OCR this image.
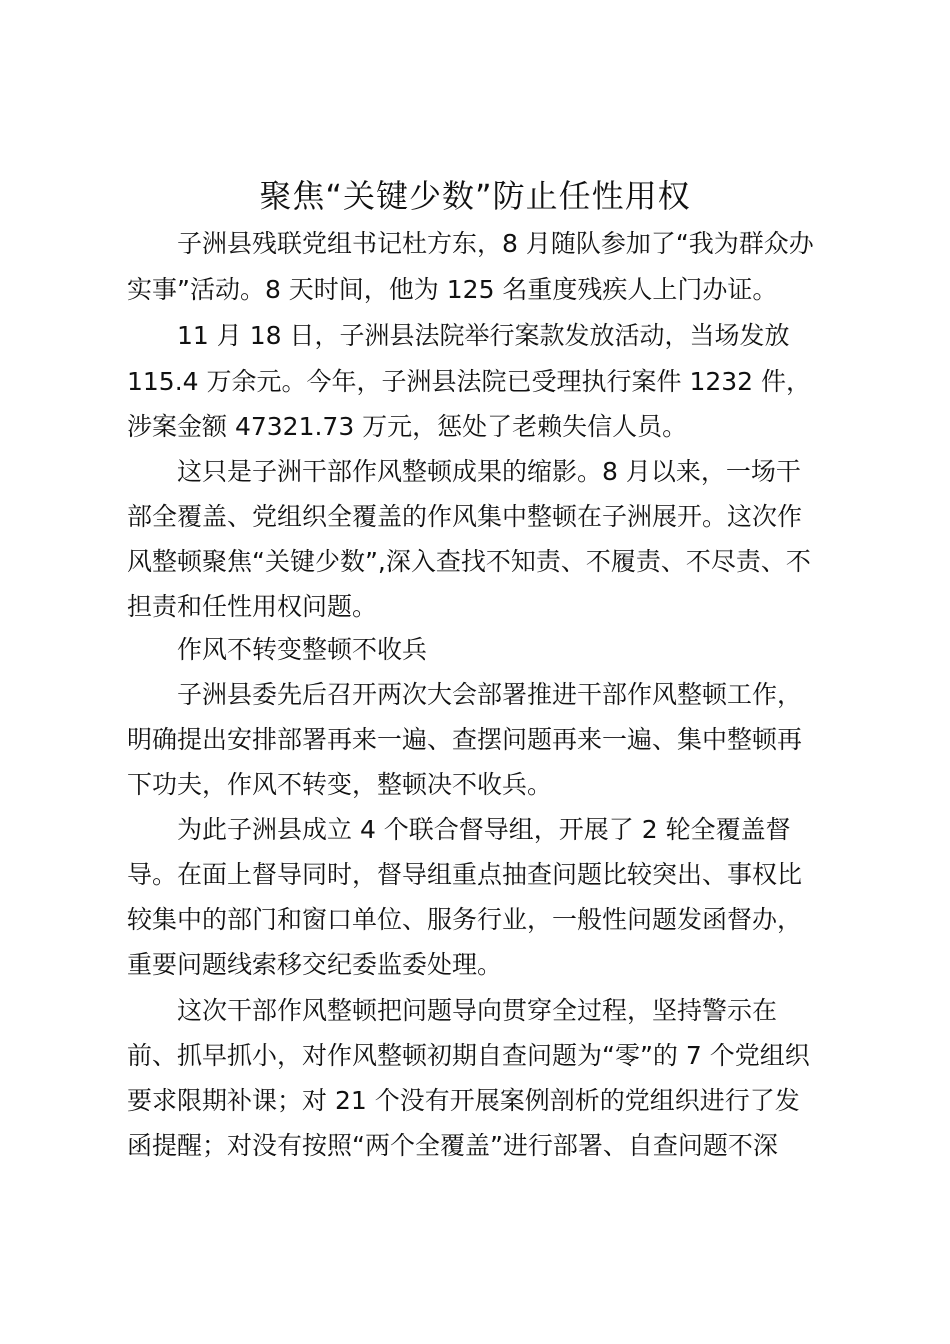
聚焦“关键少数”防止任性用权
子洲县残联党组书记杜方东，8 月随队参加了“我为群众办
实事”活动。8 天时间，他为 125 名重度残疾人上门办证。
11 月 18 日，子洲县法院举行案款发放活动，当场发放
115.4 万余元。今年，子洲县法院已受理执行案件 1232 件，
涉案金额 47321.73 万元，惩处了老赖失信人员。
这只是子洲干部作风整顿成果的缩影。8 月以来，一场干
部全覆盖、党组织全覆盖的作风集中整顿在子洲展开。这次作
风整顿聚焦“关键少数”,深入查找不知责、不履责、不尽责、不
担责和任性用权问题。
作风不转变整顿不收兵
子洲县委先后召开两次大会部署推进干部作风整顿工作，
明确提出安排部署再来一遍、查摆问题再来一遍、集中整顿再
下功夫，作风不转变，整顿决不收兵。
为此子洲县成立 4 个联合督导组，开展了 2 轮全覆盖督
导。在面上督导同时，督导组重点抽查问题比较突出、事权比
较集中的部门和窗口单位、服务行业，一般性问题发函督办，
重要问题线索移交纪委监委处理。
这次干部作风整顿把问题导向贯穿全过程，坚持警示在
前、抓早抓小，对作风整顿初期自查问题为“零”的 7 个党组织
要求限期补课；对 21 个没有开展案例剖析的党组织进行了发
函提醒；对没有按照“两个全覆盖”进行部署、自查问题不深
